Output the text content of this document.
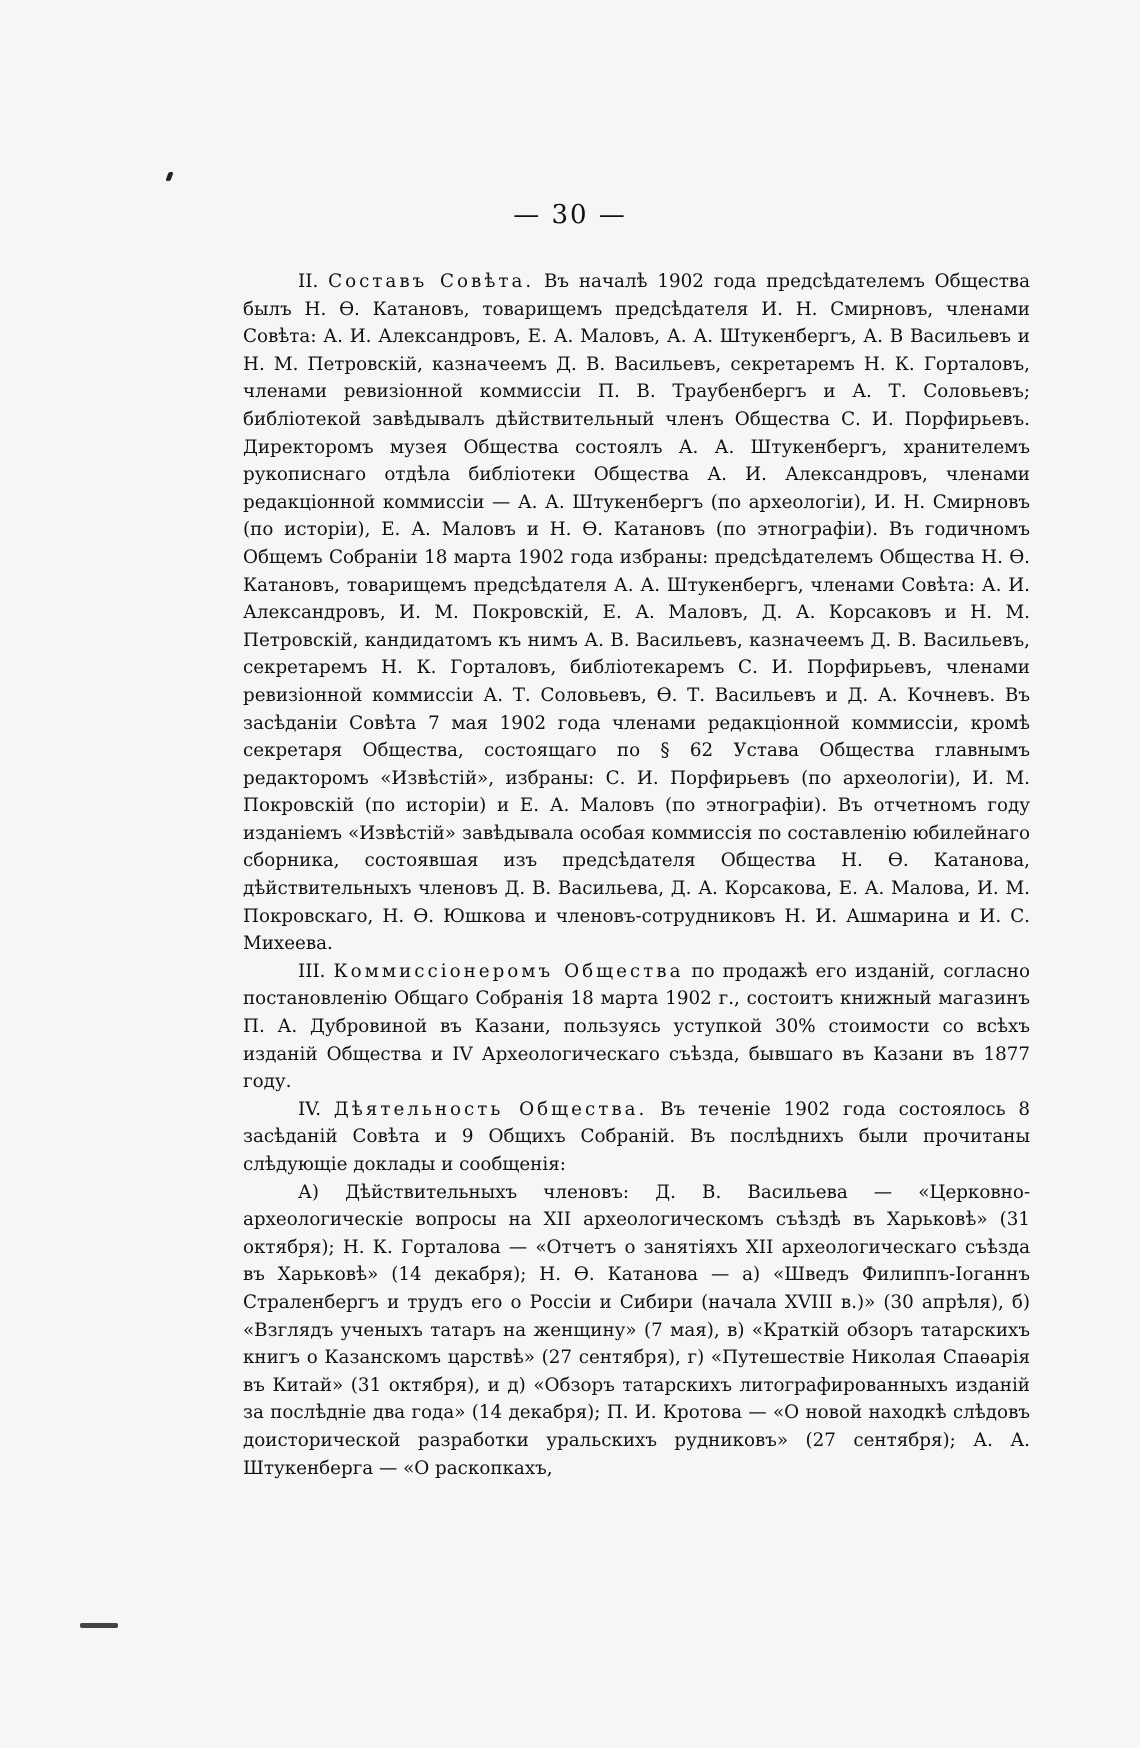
— 30 —

II. Составъ Совѣта. Въ началѣ 1902 года предсѣдателемъ Общества былъ Н. Ѳ. Катановъ, товарищемъ предсѣдателя И. Н. Смирновъ, членами Совѣта: А. И. Александровъ, Е. А. Маловъ, А. А. Штукенбергъ, А. В Васильевъ и Н. М. Петровскій, казначеемъ Д. В. Васильевъ, секретаремъ Н. К. Горталовъ, членами ревизіонной коммиссіи П. В. Траубенбергъ и А. Т. Соловьевъ; библіотекой завѣдывалъ дѣйствительный членъ Общества С. И. Порфирьевъ. Директоромъ музея Общества состоялъ А. А. Штукенбергъ, хранителемъ рукописнаго отдѣла библіотеки Общества А. И. Александровъ, членами редакціонной коммиссіи — А. А. Штукенбергъ (по археологіи), И. Н. Смирновъ (по исторіи), Е. А. Маловъ и Н. Ѳ. Катановъ (по этнографіи). Въ годичномъ Общемъ Собраніи 18 марта 1902 года избраны: предсѣдателемъ Общества Н. Ѳ. Катановъ, товарищемъ предсѣдателя А. А. Штукенбергъ, членами Совѣта: А. И. Александровъ, И. М. Покровскій, Е. А. Маловъ, Д. А. Корсаковъ и Н. М. Петровскій, кандидатомъ къ нимъ А. В. Васильевъ, казначеемъ Д. В. Васильевъ, секретаремъ Н. К. Горталовъ, библіотекаремъ С. И. Порфирьевъ, членами ревизіонной коммиссіи А. Т. Соловьевъ, Ѳ. Т. Васильевъ и Д. А. Кочневъ. Въ засѣданіи Совѣта 7 мая 1902 года членами редакціонной коммиссіи, кромѣ секретаря Общества, состоящаго по § 62 Устава Общества главнымъ редакторомъ «Извѣстій», избраны: С. И. Порфирьевъ (по археологіи), И. М. Покровскій (по исторіи) и Е. А. Маловъ (по этнографіи). Въ отчетномъ году изданіемъ «Извѣстій» завѣдывала особая коммиссія по составленію юбилейнаго сборника, состоявшая изъ предсѣдателя Общества Н. Ѳ. Катанова, дѣйствительныхъ членовъ Д. В. Васильева, Д. А. Корсакова, Е. А. Малова, И. М. Покровскаго, Н. Ѳ. Юшкова и членовъ-сотрудниковъ Н. И. Ашмарина и И. С. Михеева.

III. Коммиссіонеромъ Общества по продажѣ его изданій, согласно постановленію Общаго Собранія 18 марта 1902 г., состоитъ книжный магазинъ П. А. Дубровиной въ Казани, пользуясь уступкой 30% стоимости со всѣхъ изданій Общества и IV Археологическаго съѣзда, бывшаго въ Казани въ 1877 году.

IV. Дѣятельность Общества. Въ теченіе 1902 года состоялось 8 засѣданій Совѣта и 9 Общихъ Собраній. Въ послѣднихъ были прочитаны слѣдующіе доклады и сообщенія:

А) Дѣйствительныхъ членовъ: Д. В. Васильева — «Церковно-археологическіе вопросы на XII археологическомъ съѣздѣ въ Харьковѣ» (31 октября); Н. К. Горталова — «Отчетъ о занятіяхъ XII археологическаго съѣзда въ Харьковѣ» (14 декабря); Н. Ѳ. Катанова — а) «Шведъ Филиппъ-Іоганнъ Страленбергъ и трудъ его о Россіи и Сибири (начала XVIII в.)» (30 апрѣля), б) «Взглядъ ученыхъ татаръ на женщину» (7 мая), в) «Краткій обзоръ татарскихъ книгъ о Казанскомъ царствѣ» (27 сентября), г) «Путешествіе Николая Спаѳарія въ Китай» (31 октября), и д) «Обзоръ татарскихъ литографированныхъ изданій за послѣдніе два года» (14 декабря); П. И. Кротова — «О новой находкѣ слѣдовъ доисторической разработки уральскихъ рудниковъ» (27 сентября); А. А. Штукенберга — «О раскопкахъ,
